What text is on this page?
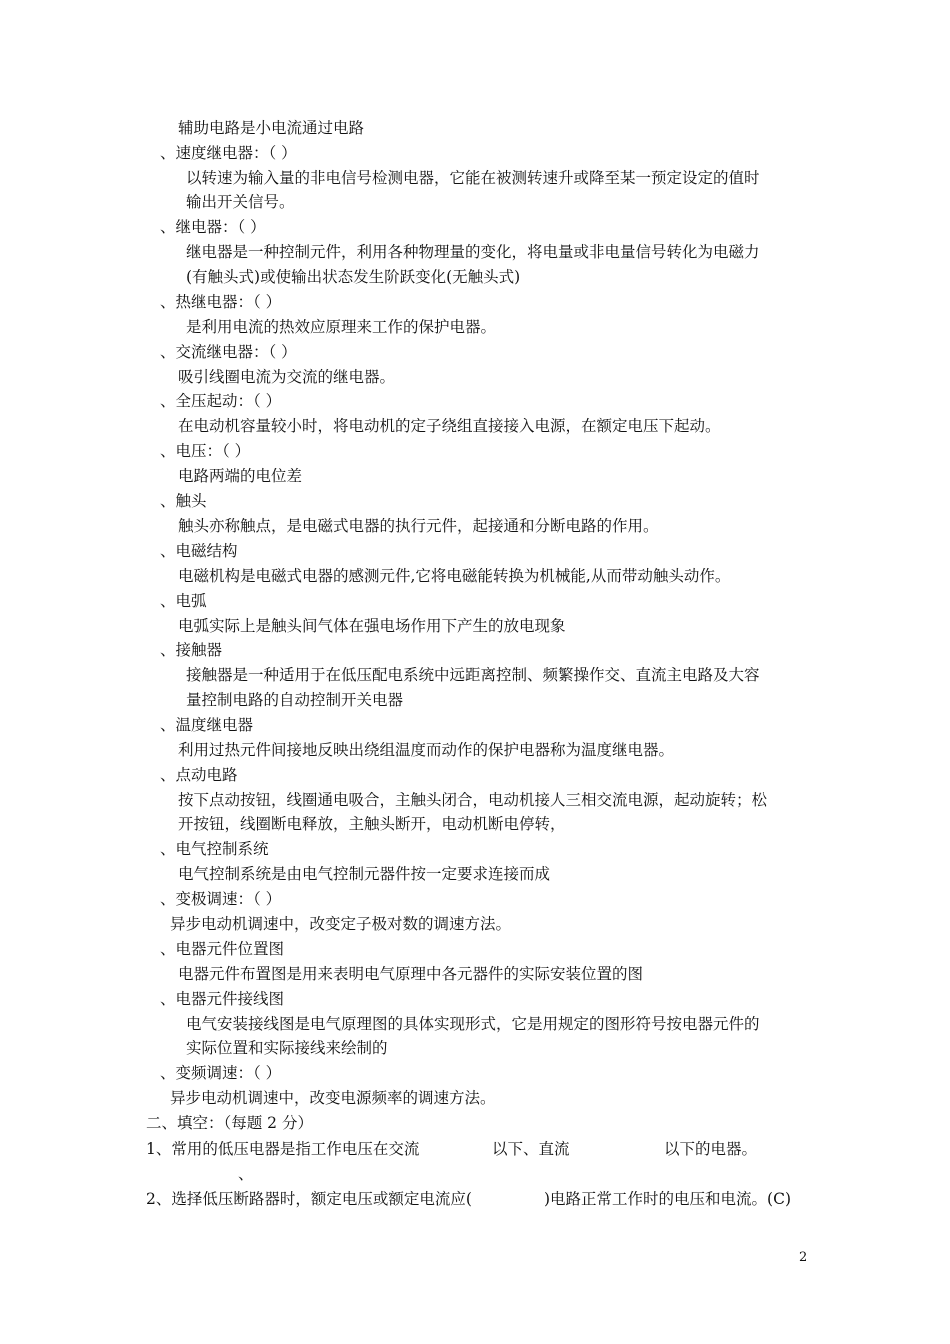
辅助电路是小电流通过电路
、速度继电器：（ ）
以转速为输入量的非电信号检测电器，它能在被测转速升或降至某一预定设定的值时
输出开关信号。
、继电器：（ ）
继电器是一种控制元件，利用各种物理量的变化，将电量或非电量信号转化为电磁力
(有触头式)或使输出状态发生阶跃变化(无触头式)
、热继电器：（ ）
是利用电流的热效应原理来工作的保护电器。
、交流继电器：（ ）
吸引线圈电流为交流的继电器。
、全压起动：（ ）
在电动机容量较小时，将电动机的定子绕组直接接入电源，在额定电压下起动。
、电压：（ ）
电路两端的电位差
、触头
触头亦称触点，是电磁式电器的执行元件，起接通和分断电路的作用。
、电磁结构
电磁机构是电磁式电器的感测元件,它将电磁能转换为机械能,从而带动触头动作。
、电弧
电弧实际上是触头间气体在强电场作用下产生的放电现象
、接触器
接触器是一种适用于在低压配电系统中远距离控制、频繁操作交、直流主电路及大容
量控制电路的自动控制开关电器
、温度继电器
利用过热元件间接地反映出绕组温度而动作的保护电器称为温度继电器。
、点动电路
按下点动按钮，线圈通电吸合，主触头闭合，电动机接人三相交流电源，起动旋转；松
开按钮，线圈断电释放，主触头断开，电动机断电停转，
、电气控制系统
电气控制系统是由电气控制元器件按一定要求连接而成
、变极调速：（ ）
异步电动机调速中，改变定子极对数的调速方法。
、电器元件位置图
电器元件布置图是用来表明电气原理中各元器件的实际安装位置的图
、电器元件接线图
电气安装接线图是电气原理图的具体实现形式，它是用规定的图形符号按电器元件的
实际位置和实际接线来绘制的
、变频调速：（ ）
异步电动机调速中，改变电源频率的调速方法。
二、填空：（每题 2 分）
1、常用的低压电器是指工作电压在交流	以下、直流	以下的电器。
、
2、选择低压断路器时，额定电压或额定电流应(	)电路正常工作时的电压和电流。(C)
2
